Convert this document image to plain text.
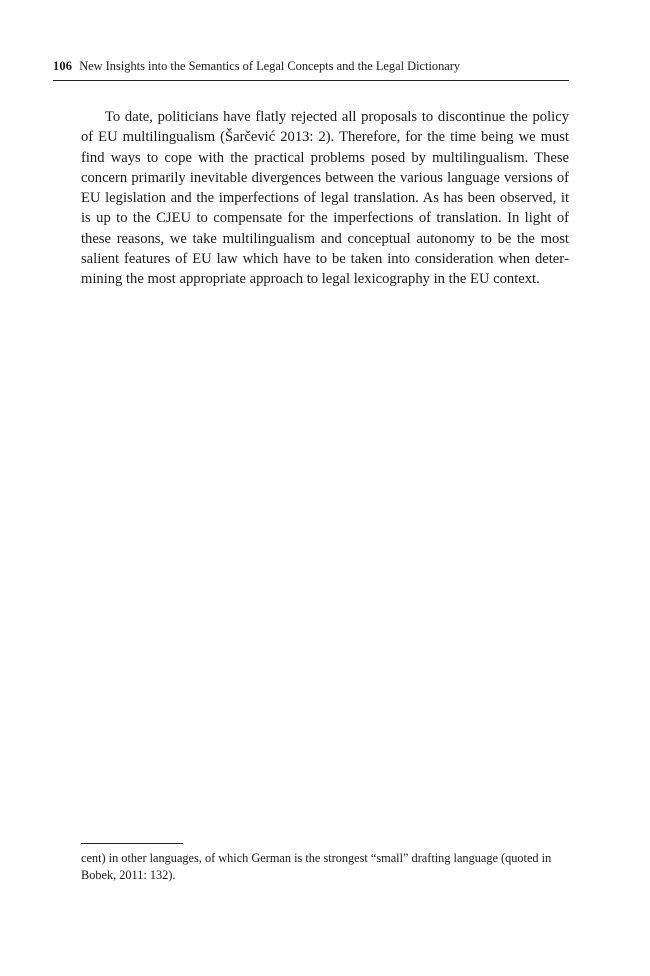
106 New Insights into the Semantics of Legal Concepts and the Legal Dictionary

To date, politicians have flatly rejected all proposals to discontinue the policy of EU multilingualism (Šarčević 2013: 2). Therefore, for the time being we must find ways to cope with the practical problems posed by multilingualism. These concern primarily inevitable divergences between the various language versions of EU legislation and the imperfections of legal translation. As has been observed, it is up to the CJEU to compensate for the imperfections of translation. In light of these reasons, we take multilingualism and conceptual autonomy to be the most salient features of EU law which have to be taken into consideration when determining the most appropriate approach to legal lexicography in the EU context.

cent) in other languages, of which German is the strongest “small” drafting language (quoted in Bobek, 2011: 132).
